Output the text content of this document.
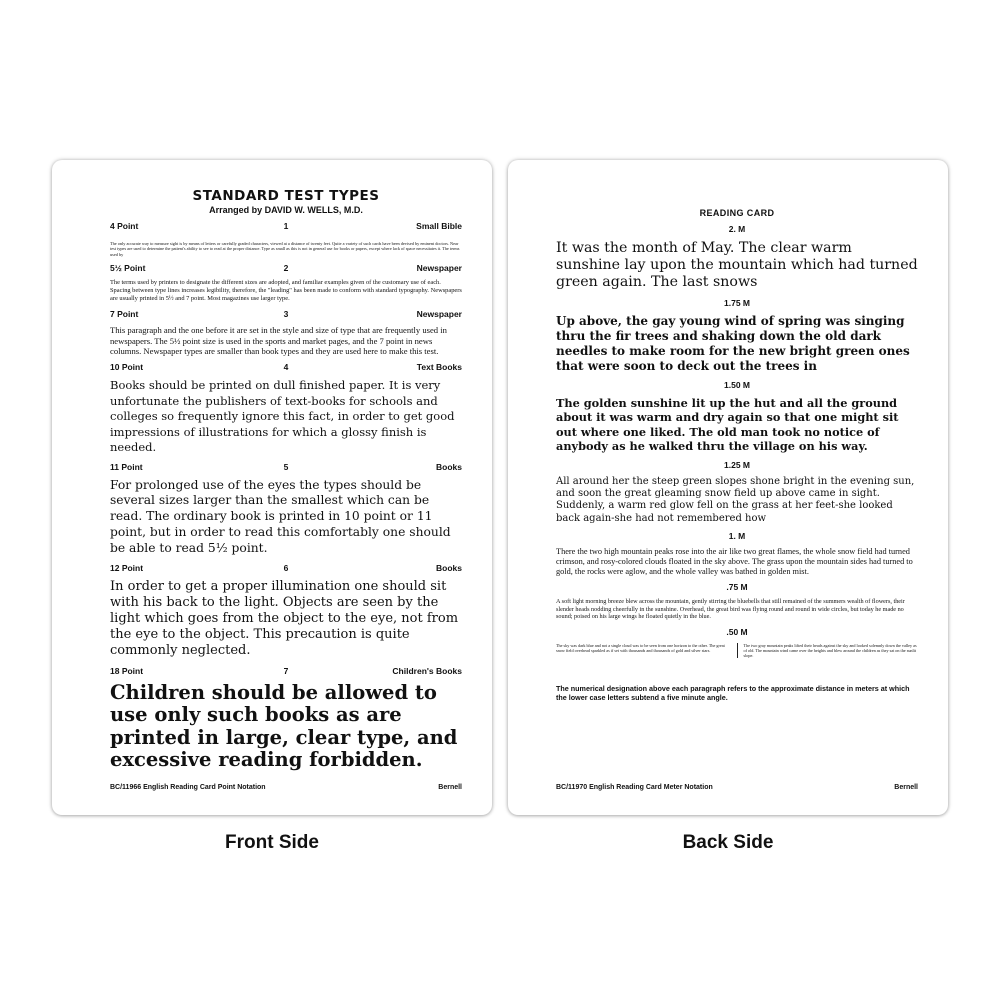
STANDARD TEST TYPES
Arranged by DAVID W. WELLS, M.D.
4 Point	1	Small Bible
The only accurate way to measure sight is by means of letters or carefully graded characters, viewed at a distance of twenty feet. Quite a variety of such cards have been devised by eminent doctors. Near test types are used to determine the patient's ability to see to read at the proper distance. Type as small as this is not in general use for books or papers, except where lack of space necessitates it. The terms used by
5½ Point	2	Newspaper
The terms used by printers to designate the different sizes are adopted, and familiar examples given of the customary use of each. Spacing between type lines increases legibility, therefore, the "leading" has been made to conform with standard typography. Newspapers are usually printed in 5½ and 7 point. Most magazines use larger type.
7 Point	3	Newspaper
This paragraph and the one before it are set in the style and size of type that are frequently used in newspapers. The 5½ point size is used in the sports and market pages, and the 7 point in news columns. Newspaper types are smaller than book types and they are used here to make this test.
10 Point	4	Text Books
Books should be printed on dull finished paper. It is very unfortunate the publishers of text-books for schools and colleges so frequently ignore this fact, in order to get good impressions of illustrations for which a glossy finish is needed.
11 Point	5	Books
For prolonged use of the eyes the types should be several sizes larger than the smallest which can be read. The ordinary book is printed in 10 point or 11 point, but in order to read this comfortably one should be able to read 5½ point.
12 Point	6	Books
In order to get a proper illumination one should sit with his back to the light. Objects are seen by the light which goes from the object to the eye, not from the eye to the object. This precaution is quite commonly neglected.
18 Point	7	Children's Books
Children should be allowed to use only such books as are printed in large, clear type, and excessive reading forbidden.
BC/11966 English Reading Card Point Notation	Bernell
READING CARD
2. M
It was the month of May. The clear warm sunshine lay upon the mountain which had turned green again. The last snows
1.75 M
Up above, the gay young wind of spring was singing thru the fir trees and shaking down the old dark needles to make room for the new bright green ones that were soon to deck out the trees in
1.50 M
The golden sunshine lit up the hut and all the ground about it was warm and dry again so that one might sit out where one liked. The old man took no notice of anybody as he walked thru the village on his way.
1.25 M
All around her the steep green slopes shone bright in the evening sun, and soon the great gleaming snow field up above came in sight. Suddenly, a warm red glow fell on the grass at her feet-she looked back again-she had not remembered how
1. M
There the two high mountain peaks rose into the air like two great flames, the whole snow field had turned crimson, and rosy-colored clouds floated in the sky above. The grass upon the mountain sides had turned to gold, the rocks were aglow, and the whole valley was bathed in golden mist.
.75 M
A soft light morning breeze blew across the mountain, gently stirring the bluebells that still remained of the summers wealth of flowers, their slender heads nodding cheerfully in the sunshine. Overhead, the great bird was flying round and round in wide circles, but today he made no sound; poised on his large wings he floated quietly in the blue.
.50 M
The sky was dark blue and not a single cloud was to be seen from one horizon to the other. The great snow field overhead sparkled as if set with thousands and thousands of gold and silver stars.
The two gray mountain peaks lifted their heads against the sky and looked solemnly down the valley as of old. The mountain wind came over the heights and blew around the children as they sat on the sunlit slope.
The numerical designation above each paragraph refers to the approximate distance in meters at which the lower case letters subtend a five minute angle.
BC/11970 English Reading Card Meter Notation	Bernell
Front Side	Back Side
